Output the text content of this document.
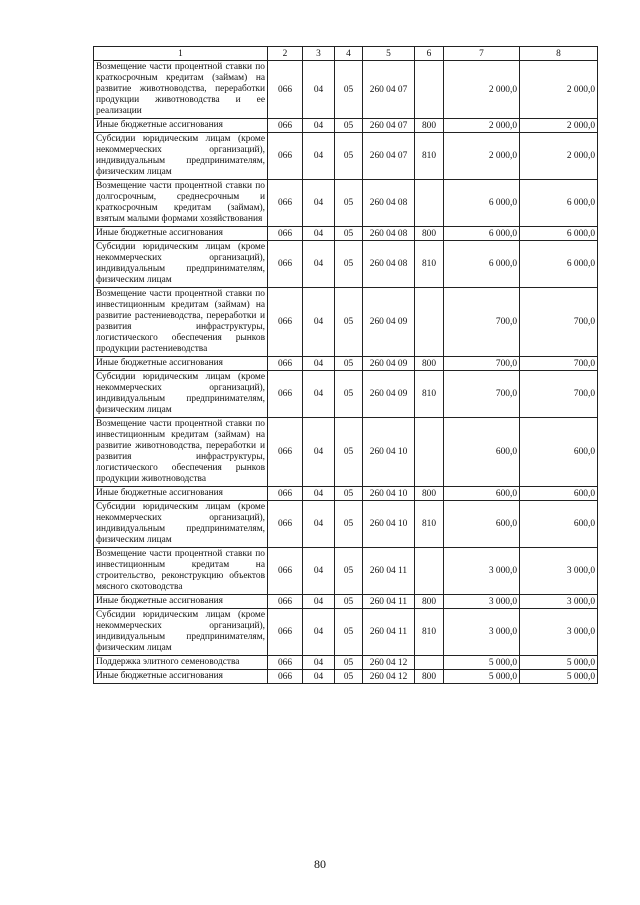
1	2	3	4	5	6	7	8
Возмещение части процентной ставки по краткосрочным кредитам (займам) на развитие животноводства, переработки продукции животноводства и ее реализации	066	04	05	260 04 07		2 000,0	2 000,0
Иные бюджетные ассигнования	066	04	05	260 04 07	800	2 000,0	2 000,0
Субсидии юридическим лицам (кроме некоммерческих организаций), индивидуальным предпринимателям, физическим лицам	066	04	05	260 04 07	810	2 000,0	2 000,0
Возмещение части процентной ставки по долгосрочным, среднесрочным и краткосрочным кредитам (займам), взятым малыми формами хозяйствования	066	04	05	260 04 08		6 000,0	6 000,0
Иные бюджетные ассигнования	066	04	05	260 04 08	800	6 000,0	6 000,0
Субсидии юридическим лицам (кроме некоммерческих организаций), индивидуальным предпринимателям, физическим лицам	066	04	05	260 04 08	810	6 000,0	6 000,0
Возмещение части процентной ставки по инвестиционным кредитам (займам) на развитие растениеводства, переработки и развития инфраструктуры, логистического обеспечения рынков продукции растениеводства	066	04	05	260 04 09		700,0	700,0
Иные бюджетные ассигнования	066	04	05	260 04 09	800	700,0	700,0
Субсидии юридическим лицам (кроме некоммерческих организаций), индивидуальным предпринимателям, физическим лицам	066	04	05	260 04 09	810	700,0	700,0
Возмещение части процентной ставки по инвестиционным кредитам (займам) на развитие животноводства, переработки и развития инфраструктуры, логистического обеспечения рынков продукции животноводства	066	04	05	260 04 10		600,0	600,0
Иные бюджетные ассигнования	066	04	05	260 04 10	800	600,0	600,0
Субсидии юридическим лицам (кроме некоммерческих организаций), индивидуальным предпринимателям, физическим лицам	066	04	05	260 04 10	810	600,0	600,0
Возмещение части процентной ставки по инвестиционным кредитам на строительство, реконструкцию объектов мясного скотоводства	066	04	05	260 04 11		3 000,0	3 000,0
Иные бюджетные ассигнования	066	04	05	260 04 11	800	3 000,0	3 000,0
Субсидии юридическим лицам (кроме некоммерческих организаций), индивидуальным предпринимателям, физическим лицам	066	04	05	260 04 11	810	3 000,0	3 000,0
Поддержка элитного семеноводства	066	04	05	260 04 12		5 000,0	5 000,0
Иные бюджетные ассигнования	066	04	05	260 04 12	800	5 000,0	5 000,0
80
